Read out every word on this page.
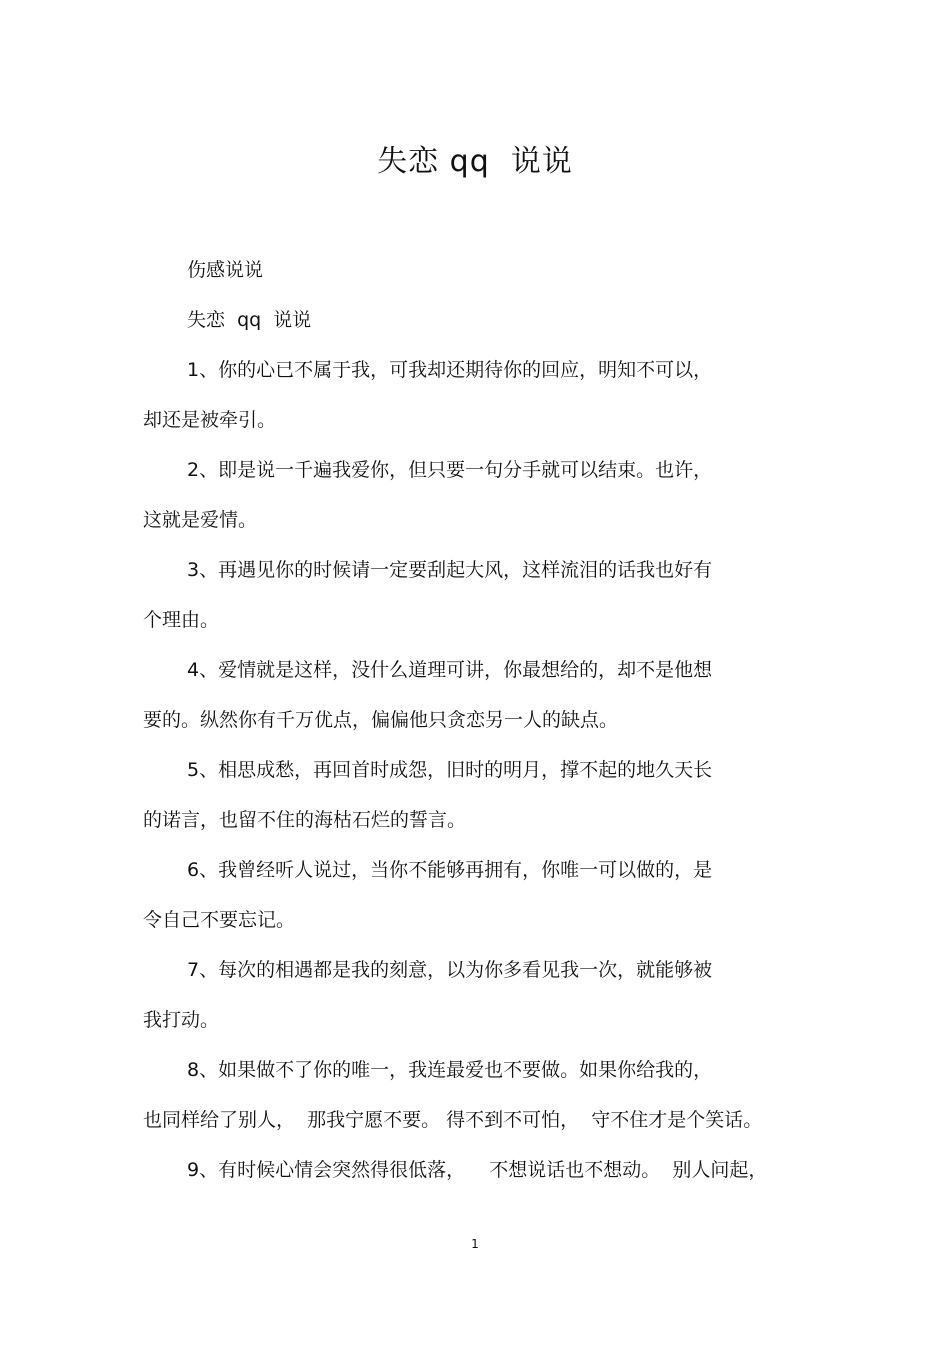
失恋 qq  说说
伤感说说
失恋  qq  说说
1、你的心已不属于我，可我却还期待你的回应，明知不可以，
却还是被牵引。
2、即是说一千遍我爱你，但只要一句分手就可以结束。也许，
这就是爱情。
3、再遇见你的时候请一定要刮起大风，这样流泪的话我也好有
个理由。
4、爱情就是这样，没什么道理可讲，你最想给的，却不是他想
要的。纵然你有千万优点，偏偏他只贪恋另一人的缺点。
5、相思成愁，再回首时成怨，旧时的明月，撑不起的地久天长
的诺言，也留不住的海枯石烂的誓言。
6、我曾经听人说过，当你不能够再拥有，你唯一可以做的，是
令自己不要忘记。
7、每次的相遇都是我的刻意，以为你多看见我一次，就能够被
我打动。
8、如果做不了你的唯一，我连最爱也不要做。如果你给我的，
也同样给了别人，  那我宁愿不要。 得不到不可怕，  守不住才是个笑话。
9、有时候心情会突然得很低落，    不想说话也不想动。  别人问起，
1
